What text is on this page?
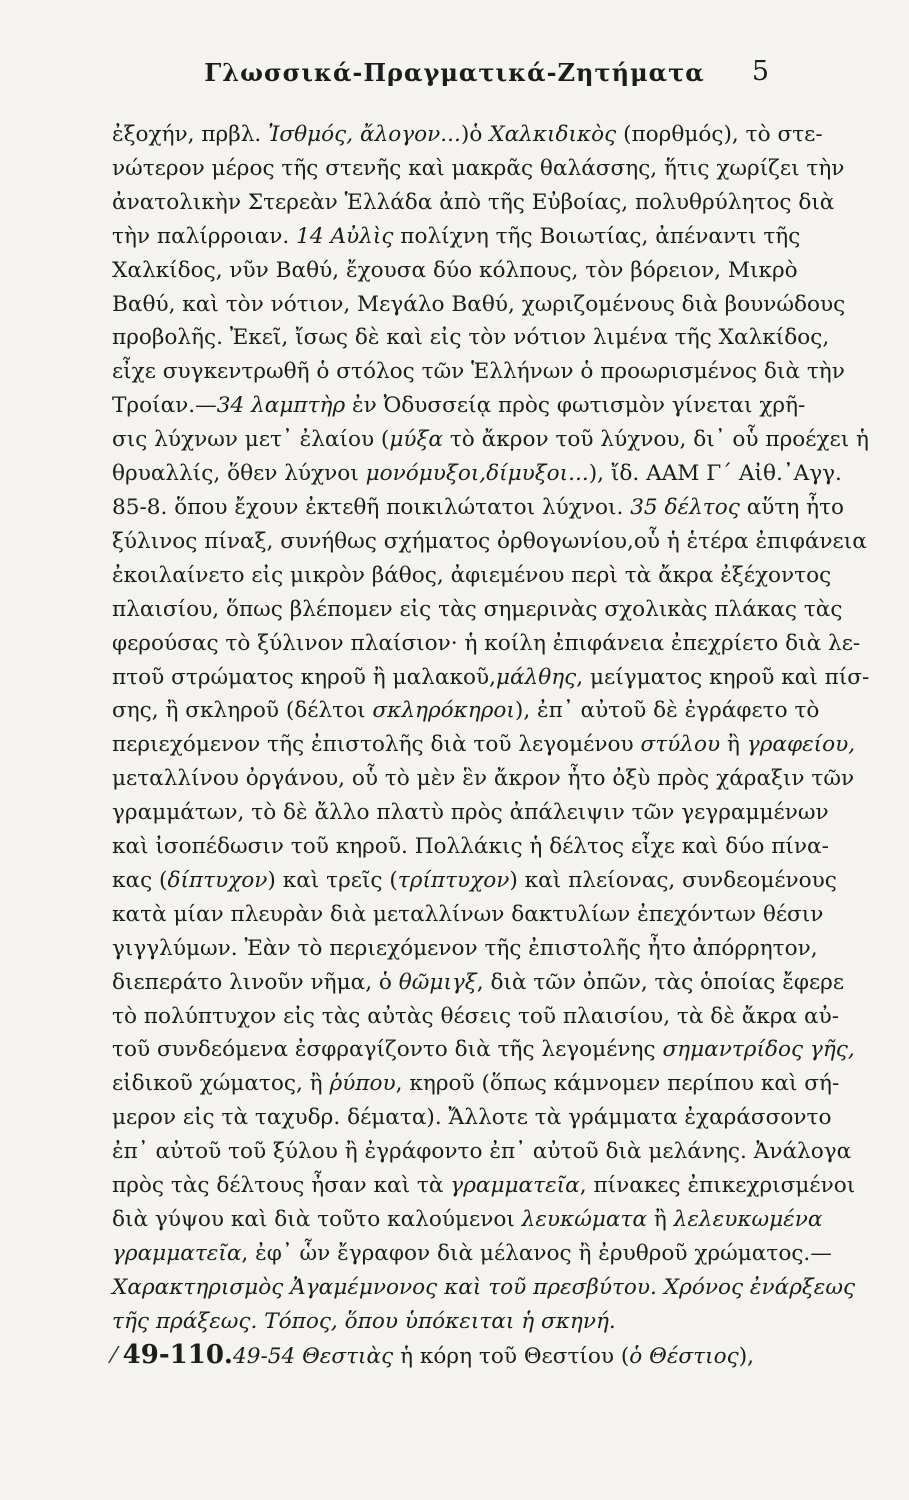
Γλωσσικά-Πραγματικά-Ζητήματα	5
ἐξοχήν, πρβλ. Ἰσθμός, ἄλογον...)ὁ Χαλκιδικὸς (πορθμός), τὸ στε-
νώτερον μέρος τῆς στενῆς καὶ μακρᾶς θαλάσσης, ἥτις χωρίζει τὴν
ἀνατολικὴν Στερεὰν Ἑλλάδα ἀπὸ τῆς Εὐβοίας, πολυθρύλητος διὰ
τὴν παλίρροιαν. 14 Αὐλὶς πολίχνη τῆς Βοιωτίας, ἀπέναντι τῆς
Χαλκίδος, νῦν Βαθύ, ἔχουσα δύο κόλπους, τὸν βόρειον, Μικρὸ
Βαθύ, καὶ τὸν νότιον, Μεγάλο Βαθύ, χωριζομένους διὰ βουνώδους
προβολῆς. Ἐκεῖ, ἴσως δὲ καὶ εἰς τὸν νότιον λιμένα τῆς Χαλκίδος,
εἶχε συγκεντρωθῆ ὁ στόλος τῶν Ἑλλήνων ὁ προωρισμένος διὰ τὴν
Τροίαν.—34 λαμπτὴρ ἐν Ὀδυσσείᾳ πρὸς φωτισμὸν γίνεται χρῆ-
σις λύχνων μετ᾽ ἐλαίου (μύξα τὸ ἄκρον τοῦ λύχνου, δι᾽ οὗ προέχει ἡ
θρυαλλίς, ὅθεν λύχνοι μονόμυξοι,δίμυξοι...), ἴδ. ΑΑΜ Γ΄ Αἰθ.᾽Αγγ.
85-8. ὅπου ἔχουν ἐκτεθῆ ποικιλώτατοι λύχνοι. 35 δέλτος αὕτη ἦτο
ξύλινος πίναξ, συνήθως σχήματος ὀρθογωνίου,οὗ ἡ ἑτέρα ἐπιφάνεια
ἐκοιλαίνετο εἰς μικρὸν βάθος, ἀφιεμένου περὶ τὰ ἄκρα ἐξέχοντος
πλαισίου, ὅπως βλέπομεν εἰς τὰς σημερινὰς σχολικὰς πλάκας τὰς
φερούσας τὸ ξύλινον πλαίσιον· ἡ κοίλη ἐπιφάνεια ἐπεχρίετο διὰ λε-
πτοῦ στρώματος κηροῦ ἢ μαλακοῦ,μάλθης, μείγματος κηροῦ καὶ πίσ-
σης, ἢ σκληροῦ (δέλτοι σκληρόκηροι), ἐπ᾽ αὐτοῦ δὲ ἐγράφετο τὸ
περιεχόμενον τῆς ἐπιστολῆς διὰ τοῦ λεγομένου στύλου ἢ γραφείου,
μεταλλίνου ὀργάνου, οὗ τὸ μὲν ἓν ἄκρον ἦτο ὀξὺ πρὸς χάραξιν τῶν
γραμμάτων, τὸ δὲ ἄλλο πλατὺ πρὸς ἀπάλειψιν τῶν γεγραμμένων
καὶ ἰσοπέδωσιν τοῦ κηροῦ. Πολλάκις ἡ δέλτος εἶχε καὶ δύο πίνα-
κας (δίπτυχον) καὶ τρεῖς (τρίπτυχον) καὶ πλείονας, συνδεομένους
κατὰ μίαν πλευρὰν διὰ μεταλλίνων δακτυλίων ἐπεχόντων θέσιν
γιγγλύμων. Ἐὰν τὸ περιεχόμενον τῆς ἐπιστολῆς ἦτο ἀπόρρητον,
διεπεράτο λινοῦν νῆμα, ὁ θῶμιγξ, διὰ τῶν ὀπῶν, τὰς ὁποίας ἔφερε
τὸ πολύπτυχον εἰς τὰς αὐτὰς θέσεις τοῦ πλαισίου, τὰ δὲ ἄκρα αὐ-
τοῦ συνδεόμενα ἐσφραγίζοντο διὰ τῆς λεγομένης σημαντρίδος γῆς,
εἰδικοῦ χώματος, ἢ ῥύπου, κηροῦ (ὅπως κάμνομεν περίπου καὶ σή-
μερον εἰς τὰ ταχυδρ. δέματα). Ἄλλοτε τὰ γράμματα ἐχαράσσοντο
ἐπ᾽ αὐτοῦ τοῦ ξύλου ἢ ἐγράφοντο ἐπ᾽ αὐτοῦ διὰ μελάνης. Ἀνάλογα
πρὸς τὰς δέλτους ἦσαν καὶ τὰ γραμματεῖα, πίνακες ἐπικεχρισμένοι
διὰ γύψου καὶ διὰ τοῦτο καλούμενοι λευκώματα ἢ λελευκωμένα
γραμματεῖα, ἐφ᾽ ὧν ἔγραφον διὰ μέλανος ἢ ἐρυθροῦ χρώματος.—
Χαρακτηρισμὸς Ἀγαμέμνονος καὶ τοῦ πρεσβύτου. Χρόνος ἐνάρξεως
τῆς πράξεως. Τόπος, ὅπου ὑπόκειται ἡ σκηνή.
⁄ 49-110.49-54 Θεστιὰς ἡ κόρη τοῦ Θεστίου (ὁ Θέστιος),
